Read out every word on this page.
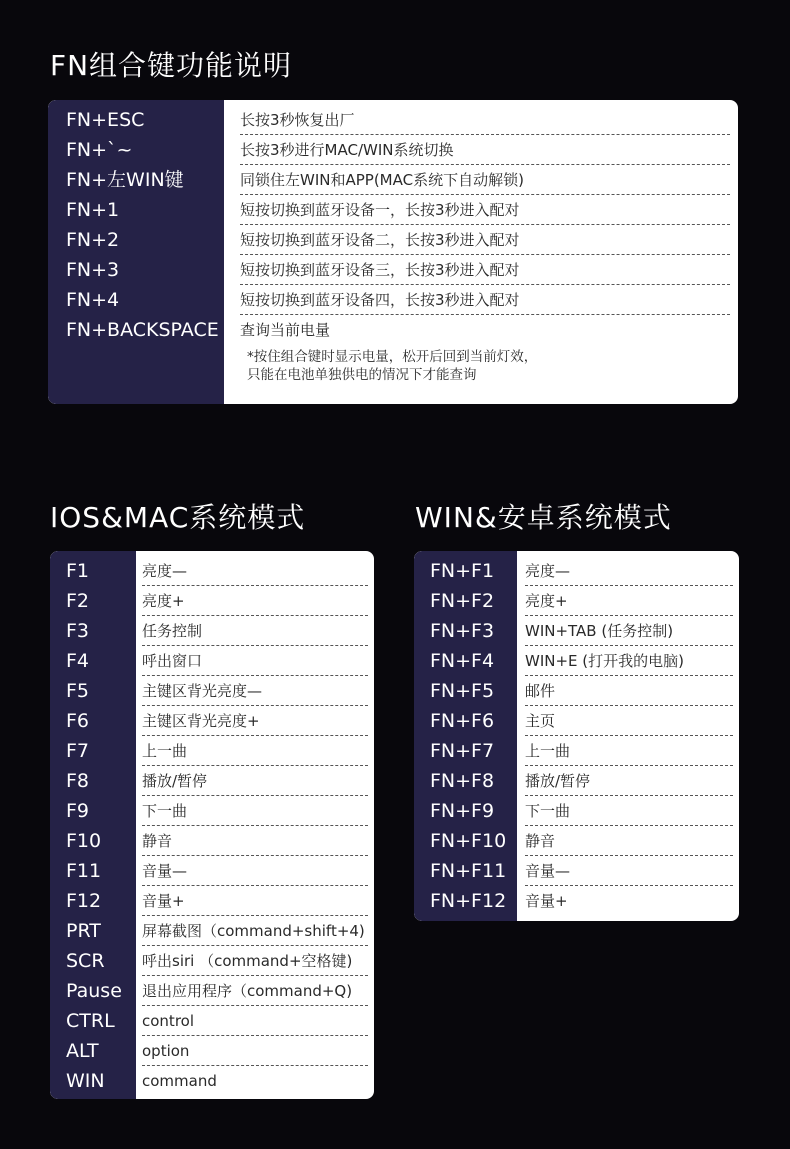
FN组合键功能说明
*按住组合键时显示电量，松开后回到当前灯效，
只能在电池单独供电的情况下才能查询
FN+ESC	长按3秒恢复出厂
FN+`~	长按3秒进行MAC/WIN系统切换
FN+左WIN键	同锁住左WIN和APP(MAC系统下自动解锁)
FN+1	短按切换到蓝牙设备一，长按3秒进入配对
FN+2	短按切换到蓝牙设备二，长按3秒进入配对
FN+3	短按切换到蓝牙设备三，长按3秒进入配对
FN+4	短按切换到蓝牙设备四，长按3秒进入配对
FN+BACKSPACE	查询当前电量
IOS&MAC系统模式
F1	亮度—
F2	亮度+
F3	任务控制
F4	呼出窗口
F5	主键区背光亮度—
F6	主键区背光亮度+
F7	上一曲
F8	播放/暂停
F9	下一曲
F10	静音
F11	音量—
F12	音量+
PRT	屏幕截图（command+shift+4)
SCR	呼出siri （command+空格键)
Pause	退出应用程序（command+Q)
CTRL	control
ALT	option
WIN	command
WIN&安卓系统模式
FN+F1	亮度—
FN+F2	亮度+
FN+F3	WIN+TAB (任务控制)
FN+F4	WIN+E (打开我的电脑)
FN+F5	邮件
FN+F6	主页
FN+F7	上一曲
FN+F8	播放/暂停
FN+F9	下一曲
FN+F10	静音
FN+F11	音量—
FN+F12	音量+
